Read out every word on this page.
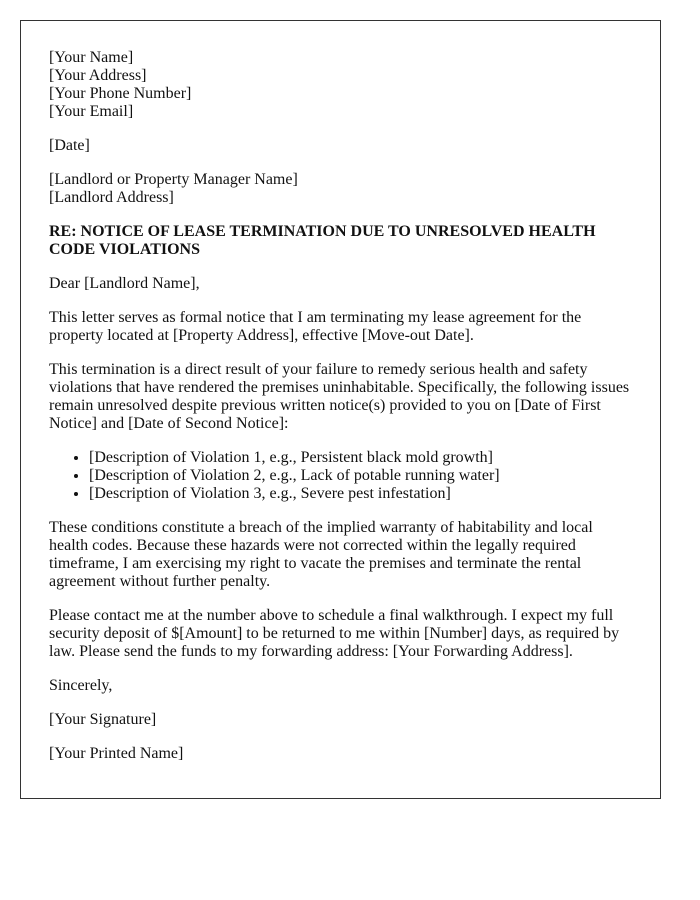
[Your Name]
[Your Address]
[Your Phone Number]
[Your Email]

[Date]

[Landlord or Property Manager Name]
[Landlord Address]
RE: NOTICE OF LEASE TERMINATION DUE TO UNRESOLVED HEALTH CODE VIOLATIONS

Dear [Landlord Name],

This letter serves as formal notice that I am terminating my lease agreement for the property located at [Property Address], effective [Move-out Date].

This termination is a direct result of your failure to remedy serious health and safety violations that have rendered the premises uninhabitable. Specifically, the following issues remain unresolved despite previous written notice(s) provided to you on [Date of First Notice] and [Date of Second Notice]:

• [Description of Violation 1, e.g., Persistent black mold growth]
• [Description of Violation 2, e.g., Lack of potable running water]
• [Description of Violation 3, e.g., Severe pest infestation]

These conditions constitute a breach of the implied warranty of habitability and local health codes. Because these hazards were not corrected within the legally required timeframe, I am exercising my right to vacate the premises and terminate the rental agreement without further penalty.

Please contact me at the number above to schedule a final walkthrough. I expect my full security deposit of $[Amount] to be returned to me within [Number] days, as required by law. Please send the funds to my forwarding address: [Your Forwarding Address].

Sincerely,

[Your Signature]

[Your Printed Name]
